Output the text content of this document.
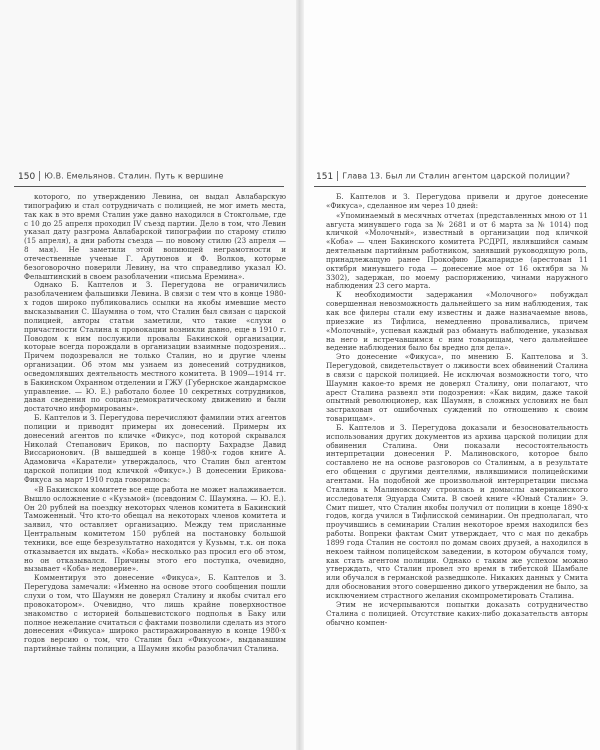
150 Ю.В. Емельянов. Сталин. Путь к вершине

которого, по утверждению Левина, он выдал Авлабарскую типографию и стал сотрудничать с полицией, не мог иметь места, так как в это время Сталин уже давно находился в Стокгольме, где с 10 до 25 апреля проходил IV съезд партии. Дело в том, что Левин указал дату разгрома Авлабарской типографии по старому стилю (15 апреля), а дни работы съезда — по новому стилю (23 апреля — 8 мая). Не заметили этой вопиющей неграмотности и отечественные ученые Г. Арутюнов и Ф. Волков, которые безоговорочно поверили Левину, на что справедливо указал Ю. Фельштинский в своем разоблачении «письма Еремина».

Однако Б. Каптелов и З. Перегудова не ограничились разоблачением фальшивки Левина. В связи с тем что в конце 1980-х годов широко публиковались ссылки на якобы имевшие место высказывания С. Шаумяна о том, что Сталин был связан с царской полицией, авторы статьи заметили, что такие «слухи о причастности Сталина к провокации возникли давно, еще в 1910 г. Поводом к ним послужили провалы Бакинской организации, которые всегда порождали в организации взаимные подозрения... Причем подозревался не только Сталин, но и другие члены организации. Об этом мы узнаем из донесений сотрудников, осведомлявших деятельность местного комитета. В 1909—1914 гг. в Бакинском Охранном отделении и ГЖУ (Губернское жандармское управление. — Ю. Е.) работало более 10 секретных сотрудников, давая сведения по социал-демократическому движению и были достаточно информированы».

Б. Каптелов и З. Перегудова перечисляют фамилии этих агентов полиции и приводят примеры их донесений. Примеры их донесений агентов по кличке «Фикус», под которой скрывался Николай Степанович Ериков, по паспорту Бахрадзе Давид Виссарионович. (В вышедшей в конце 1980-х годов книге А. Адамовича «Каратели» утверждалось, что Сталин был агентом царской полиции под кличкой «Фикус».) В донесении Ерикова-Фикуса за март 1910 года говорилось:

«В Бакинском комитете все еще работа не может налаживается. Вышло осложнение с «Кузьмой» (псевдоним С. Шаумяна. — Ю. Е.). Он 20 рублей на поездку некоторых членов комитета в Бакинский Таможенный. Что кто-то обещал на некоторых членов комитета и заявил, что оставляет организацию. Между тем присланные Центральным комитетом 150 рублей на постановку большой техники, все еще безрезультатно находятся у Кузьмы, т.к. он пока отказывается их выдать. «Коба» несколько раз просил его об этом, но он отказывался. Причины этого его поступка, очевидно, вызывает «Коба» недоверие».

Комментируя это донесение «Фикуса», Б. Каптелов и З. Перегудова замечали: «Именно на основе этого сообщения пошли слухи о том, что Шаумян не доверял Сталину и якобы считал его провокатором». Очевидно, что лишь крайне поверхностное знакомство с историей большевистского подполья в Баку или полное нежелание считаться с фактами позволили сделать из этого донесения «Фикуса» широко растиражированную в конце 1980-х годов версию о том, что Сталин был «Фикусом», выдававшим партийные тайны полиции, а Шаумян якобы разоблачил Сталина.

151 Глава 13. Был ли Сталин агентом царской полиции?

Б. Каптелов и З. Перегудова привели и другое донесение «Фикуса», сделанное им через 10 дней:

«Упоминаемый в месячных отчетах (представленных мною от 11 августа минувшего года за № 2681 и от 6 марта за № 1014) под кличкой «Молочный», известный в организации под кличкой «Коба» — член Бакинского комитета РСДРП, являвшийся самым деятельным партийным работником, занявший руководящую роль, принадлежащую ранее Прокофию Джапаридзе (арестован 11 октября минувшего года — донесение мое от 16 октября за № 3302), задержан, по моему распоряжению, чинами наружного наблюдения 23 сего марта.

К необходимости задержания «Молочного» побуждал совершенная невозможность дальнейшего за ним наблюдения, так как все филеры стали ему известны и даже назначаемые вновь, приезжие из Тифлиса, немедленно проваливались, причем «Молочный», успевая каждый раз обмануть наблюдение, указывая на него и встречавшимся с ним товарищам, чего дальнейшее ведение наблюдения было бы вредно для дела».

Это донесение «Фикуса», по мнению Б. Каптелова и З. Перегудовой, свидетельствует о лживости всех обвинений Сталина в связи с царской полицией. Не исключая возможности того, что Шаумян какое-то время не доверял Сталину, они полагают, что арест Сталина развеял эти подозрения: «Как видим, даже такой опытный революционер, как Шаумян, в сложных условиях не был застрахован от ошибочных суждений по отношению к своим товарищам».

Б. Каптелов и З. Перегудова доказали и безосновательность использования других документов из архива царской полиции для обвинения Сталина. Они показали несостоятельность интерпретации донесения Р. Малиновского, которое было составлено не на основе разговоров со Сталиным, а в результате его общения с другими деятелями, являвшимися полицейскими агентами. На подобной же произвольной интерпретации письма Сталина к Малиновскому строилась и домыслы американского исследователя Эдуарда Смита. В своей книге «Юный Сталин» Э. Смит пишет, что Сталин якобы получил от полиции в конце 1890-х годов, когда учился в Тифлисской семинарии. Он предполагал, что проучившись в семинарии Сталин некоторое время находился без работы. Вопреки фактам Смит утверждает, что с мая по декабрь 1899 года Сталин не состоял по домам своих друзей, а находился в некоем тайном полицейском заведении, в котором обучался тому, как стать агентом полиции. Однако с таким же успехом можно утверждать, что Сталин провел это время в тибетской Шамбале или обучался в германской разведшколе. Никаких данных у Смита для обоснования этого совершенно дикого утверждения не было, за исключением страстного желания скомпрометировать Сталина.

Этим не исчерпываются попытки доказать сотрудничество Сталина с полицией. Отсутствие каких-либо доказательств авторы обычно компен-
